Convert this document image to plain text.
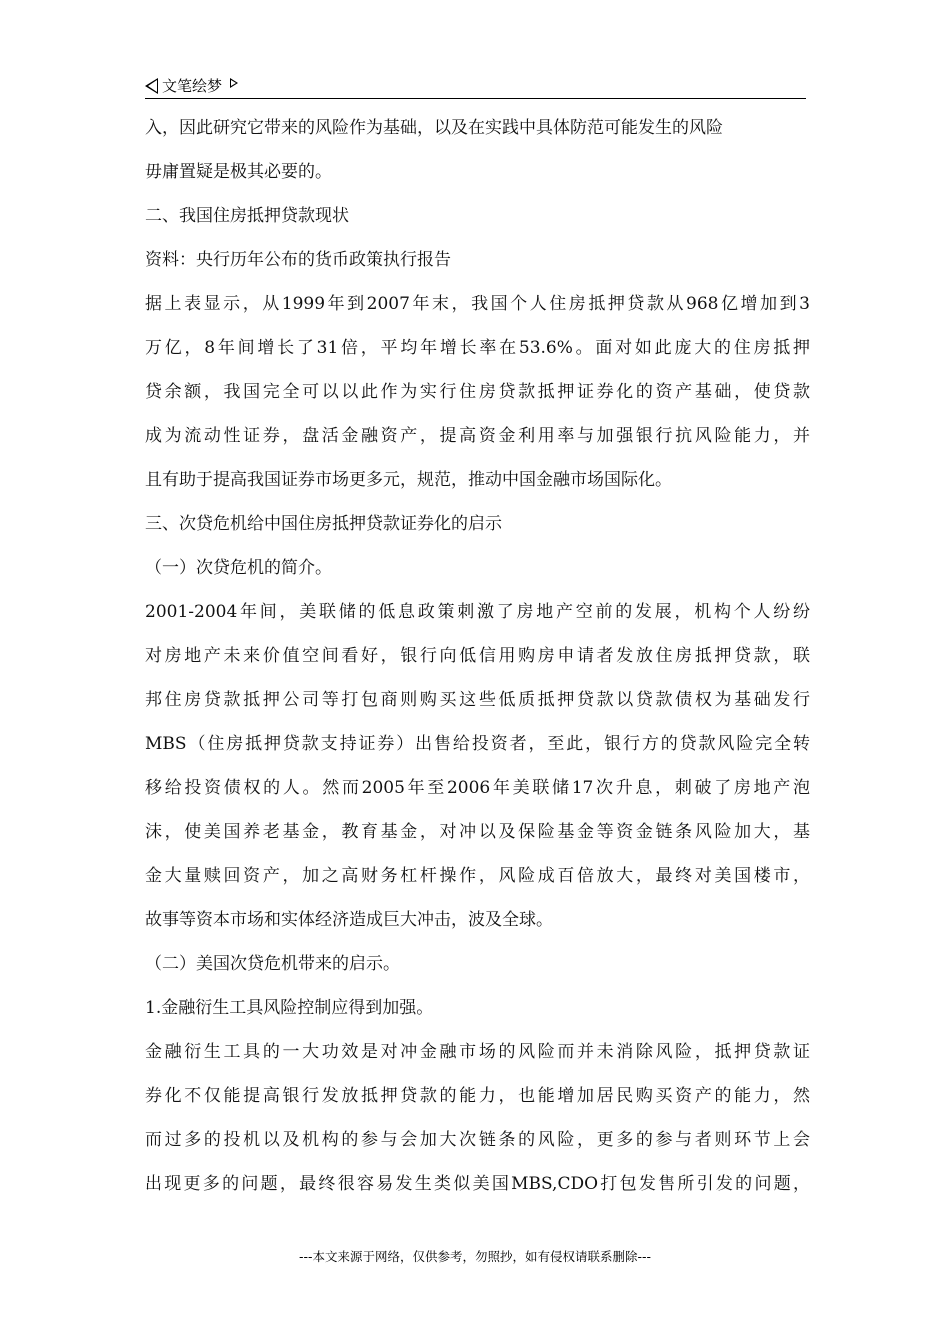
文笔绘梦
入，因此研究它带来的风险作为基础，以及在实践中具体防范可能发生的风险
毋庸置疑是极其必要的。
二、我国住房抵押贷款现状
资料：央行历年公布的货币政策执行报告
据上表显示，从1999年到2007年末，我国个人住房抵押贷款从968亿增加到3
万亿，8年间增长了31倍，平均年增长率在53.6%。面对如此庞大的住房抵押
贷余额，我国完全可以以此作为实行住房贷款抵押证券化的资产基础，使贷款
成为流动性证券，盘活金融资产，提高资金利用率与加强银行抗风险能力，并
且有助于提高我国证券市场更多元，规范，推动中国金融市场国际化。
三、次贷危机给中国住房抵押贷款证券化的启示
（一）次贷危机的简介。
2001-2004年间，美联储的低息政策刺激了房地产空前的发展，机构个人纷纷
对房地产未来价值空间看好，银行向低信用购房申请者发放住房抵押贷款，联
邦住房贷款抵押公司等打包商则购买这些低质抵押贷款以贷款债权为基础发行
MBS（住房抵押贷款支持证券）出售给投资者，至此，银行方的贷款风险完全转
移给投资债权的人。然而2005年至2006年美联储17次升息，刺破了房地产泡
沫，使美国养老基金，教育基金，对冲以及保险基金等资金链条风险加大，基
金大量赎回资产，加之高财务杠杆操作，风险成百倍放大，最终对美国楼市，
故事等资本市场和实体经济造成巨大冲击，波及全球。
（二）美国次贷危机带来的启示。
1.金融衍生工具风险控制应得到加强。
金融衍生工具的一大功效是对冲金融市场的风险而并未消除风险，抵押贷款证
券化不仅能提高银行发放抵押贷款的能力，也能增加居民购买资产的能力，然
而过多的投机以及机构的参与会加大次链条的风险，更多的参与者则环节上会
出现更多的问题，最终很容易发生类似美国MBS,CDO打包发售所引发的问题，
---本文来源于网络，仅供参考，勿照抄，如有侵权请联系删除---
